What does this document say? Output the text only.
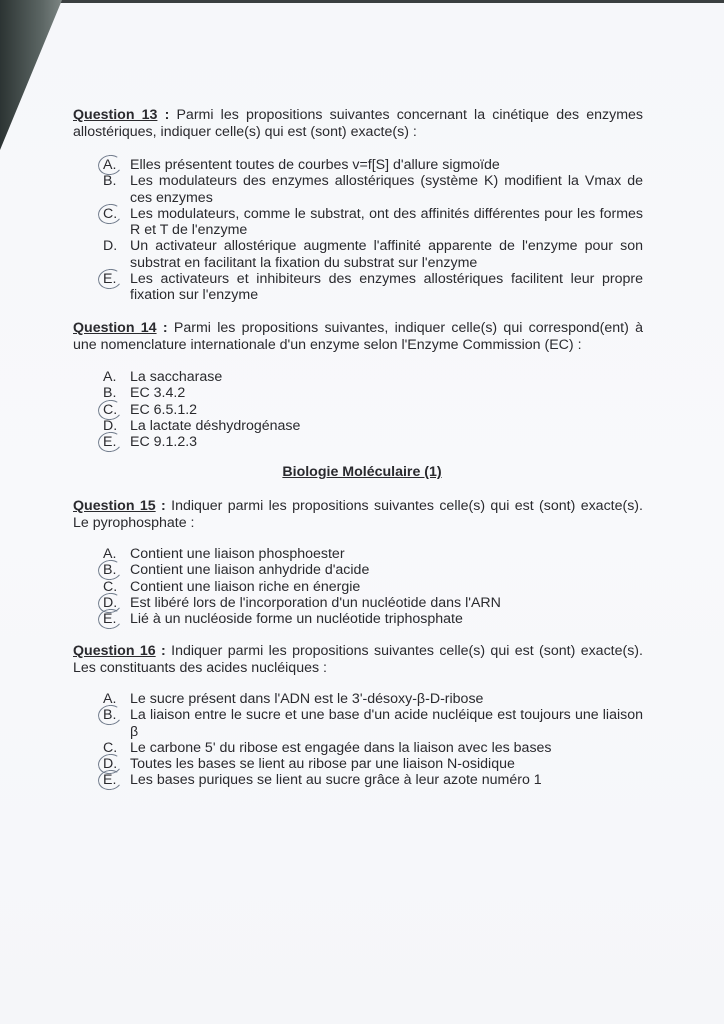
Question 13 : Parmi les propositions suivantes concernant la cinétique des enzymes allostériques, indiquer celle(s) qui est (sont) exacte(s) :
A. Elles présentent toutes de courbes v=f[S] d'allure sigmoïde
B. Les modulateurs des enzymes allostériques (système K) modifient la Vmax de ces enzymes
C. Les modulateurs, comme le substrat, ont des affinités différentes pour les formes R et T de l'enzyme
D. Un activateur allostérique augmente l'affinité apparente de l'enzyme pour son substrat en facilitant la fixation du substrat sur l'enzyme
E. Les activateurs et inhibiteurs des enzymes allostériques facilitent leur propre fixation sur l'enzyme
Question 14 : Parmi les propositions suivantes, indiquer celle(s) qui correspond(ent) à une nomenclature internationale d'un enzyme selon l'Enzyme Commission (EC) :
A. La saccharase
B. EC 3.4.2
C. EC 6.5.1.2
D. La lactate déshydrogénase
E. EC 9.1.2.3
Biologie Moléculaire (1)
Question 15 : Indiquer parmi les propositions suivantes celle(s) qui est (sont) exacte(s). Le pyrophosphate :
A. Contient une liaison phosphoester
B. Contient une liaison anhydride d'acide
C. Contient une liaison riche en énergie
D. Est libéré lors de l'incorporation d'un nucléotide dans l'ARN
E. Lié à un nucléoside forme un nucléotide triphosphate
Question 16 : Indiquer parmi les propositions suivantes celle(s) qui est (sont) exacte(s). Les constituants des acides nucléiques :
A. Le sucre présent dans l'ADN est le 3'-désoxy-β-D-ribose
B. La liaison entre le sucre et une base d'un acide nucléique est toujours une liaison β
C. Le carbone 5' du ribose est engagée dans la liaison avec les bases
D. Toutes les bases se lient au ribose par une liaison N-osidique
E. Les bases puriques se lient au sucre grâce à leur azote numéro 1
